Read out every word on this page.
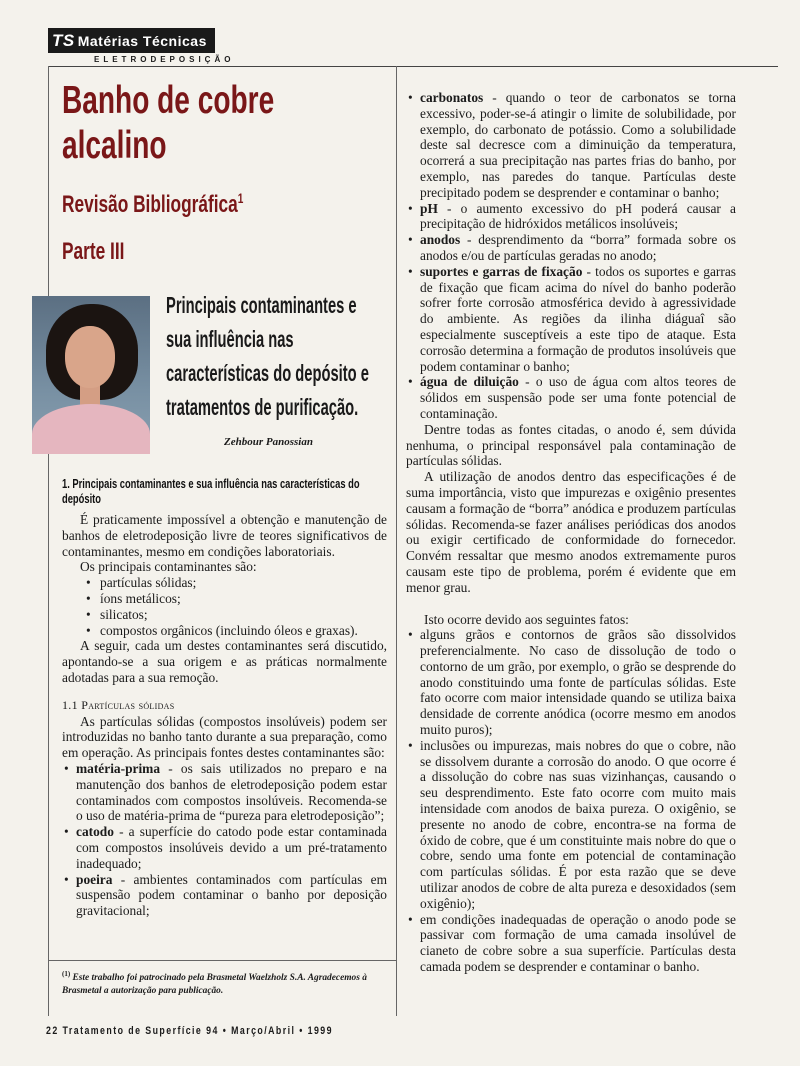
TS Matérias Técnicas
ELETRODEPOSIÇÃO
Banho de cobre alcalino
Revisão Bibliográfica$^1$
Parte III
Principais contaminantes e sua influência nas características do depósito e tratamentos de purificação.
Zehbour Panossian
1. Principais contaminantes e sua influência nas características do depósito

É praticamente impossível a obtenção e manutenção de banhos de eletrodeposição livre de teores significativos de contaminantes, mesmo em condições laboratoriais.

Os principais contaminantes são:

• partículas sólidas;
• íons metálicos;
• silicatos;
• compostos orgânicos (incluindo óleos e graxas).

A seguir, cada um destes contaminantes será discutido, apontando-se a sua origem e as práticas normalmente adotadas para a sua remoção.

1.1 Partículas sólidas

As partículas sólidas (compostos insolúveis) podem ser introduzidas no banho tanto durante a sua preparação, como em operação. As principais fontes destes contaminantes são:

• matéria-prima - os sais utilizados no preparo e na manutenção dos banhos de eletrodeposição podem estar contaminados com compostos insolúveis. Recomenda-se o uso de matéria-prima de “pureza para eletrodeposição”;
• catodo - a superfície do catodo pode estar contaminada com compostos insolúveis devido a um pré-tratamento inadequado;
• poeira - ambientes contaminados com partículas em suspensão podem contaminar o banho por deposição gravitacional;
$^{(1)}$ Este trabalho foi patrocinado pela Brasmetal Waelzholz S.A. Agradecemos à Brasmetal a autorização para publicação.
• carbonatos - quando o teor de carbonatos se torna excessivo, poder-se-á atingir o limite de solubilidade, por exemplo, do carbonato de potássio. Como a solubilidade deste sal decresce com a diminuição da temperatura, ocorrerá a sua precipitação nas partes frias do banho, por exemplo, nas paredes do tanque. Partículas deste precipitado podem se desprender e contaminar o banho;
• pH - o aumento excessivo do pH poderá causar a precipitação de hidróxidos metálicos insolúveis;
• anodos - desprendimento da “borra” formada sobre os anodos e/ou de partículas geradas no anodo;
• suportes e garras de fixação - todos os suportes e garras de fixação que ficam acima do nível do banho poderão sofrer forte corrosão atmosférica devido à agressividade do ambiente. As regiões da ilinha diáguaî são especialmente susceptíveis a este tipo de ataque. Esta corrosão determina a formação de produtos insolúveis que podem contaminar o banho;
• água de diluição - o uso de água com altos teores de sólidos em suspensão pode ser uma fonte potencial de contaminação.

Dentre todas as fontes citadas, o anodo é, sem dúvida nenhuma, o principal responsável pala contaminação de partículas sólidas.

A utilização de anodos dentro das especificações é de suma importância, visto que impurezas e oxigênio presentes causam a formação de “borra” anódica e produzem partículas sólidas. Recomenda-se fazer análises periódicas dos anodos ou exigir certificado de conformidade do fornecedor. Convém ressaltar que mesmo anodos extremamente puros causam este tipo de problema, porém é evidente que em menor grau.

Isto ocorre devido aos seguintes fatos:

• alguns grãos e contornos de grãos são dissolvidos preferencialmente. No caso de dissolução de todo o contorno de um grão, por exemplo, o grão se desprende do anodo constituindo uma fonte de partículas sólidas. Este fato ocorre com maior intensidade quando se utiliza baixa densidade de corrente anódica (ocorre mesmo em anodos muito puros);
• inclusões ou impurezas, mais nobres do que o cobre, não se dissolvem durante a corrosão do anodo. O que ocorre é a dissolução do cobre nas suas vizinhanças, causando o seu desprendimento. Este fato ocorre com muito mais intensidade com anodos de baixa pureza. O oxigênio, se presente no anodo de cobre, encontra-se na forma de óxido de cobre, que é um constituinte mais nobre do que o cobre, sendo uma fonte em potencial de contaminação com partículas sólidas. É por esta razão que se deve utilizar anodos de cobre de alta pureza e desoxidados (sem oxigênio);
• em condições inadequadas de operação o anodo pode se passivar com formação de uma camada insolúvel de cianeto de cobre sobre a sua superfície. Partículas desta camada podem se desprender e contaminar o banho.
22 Tratamento de Superfície 94 • Março/Abril • 1999
